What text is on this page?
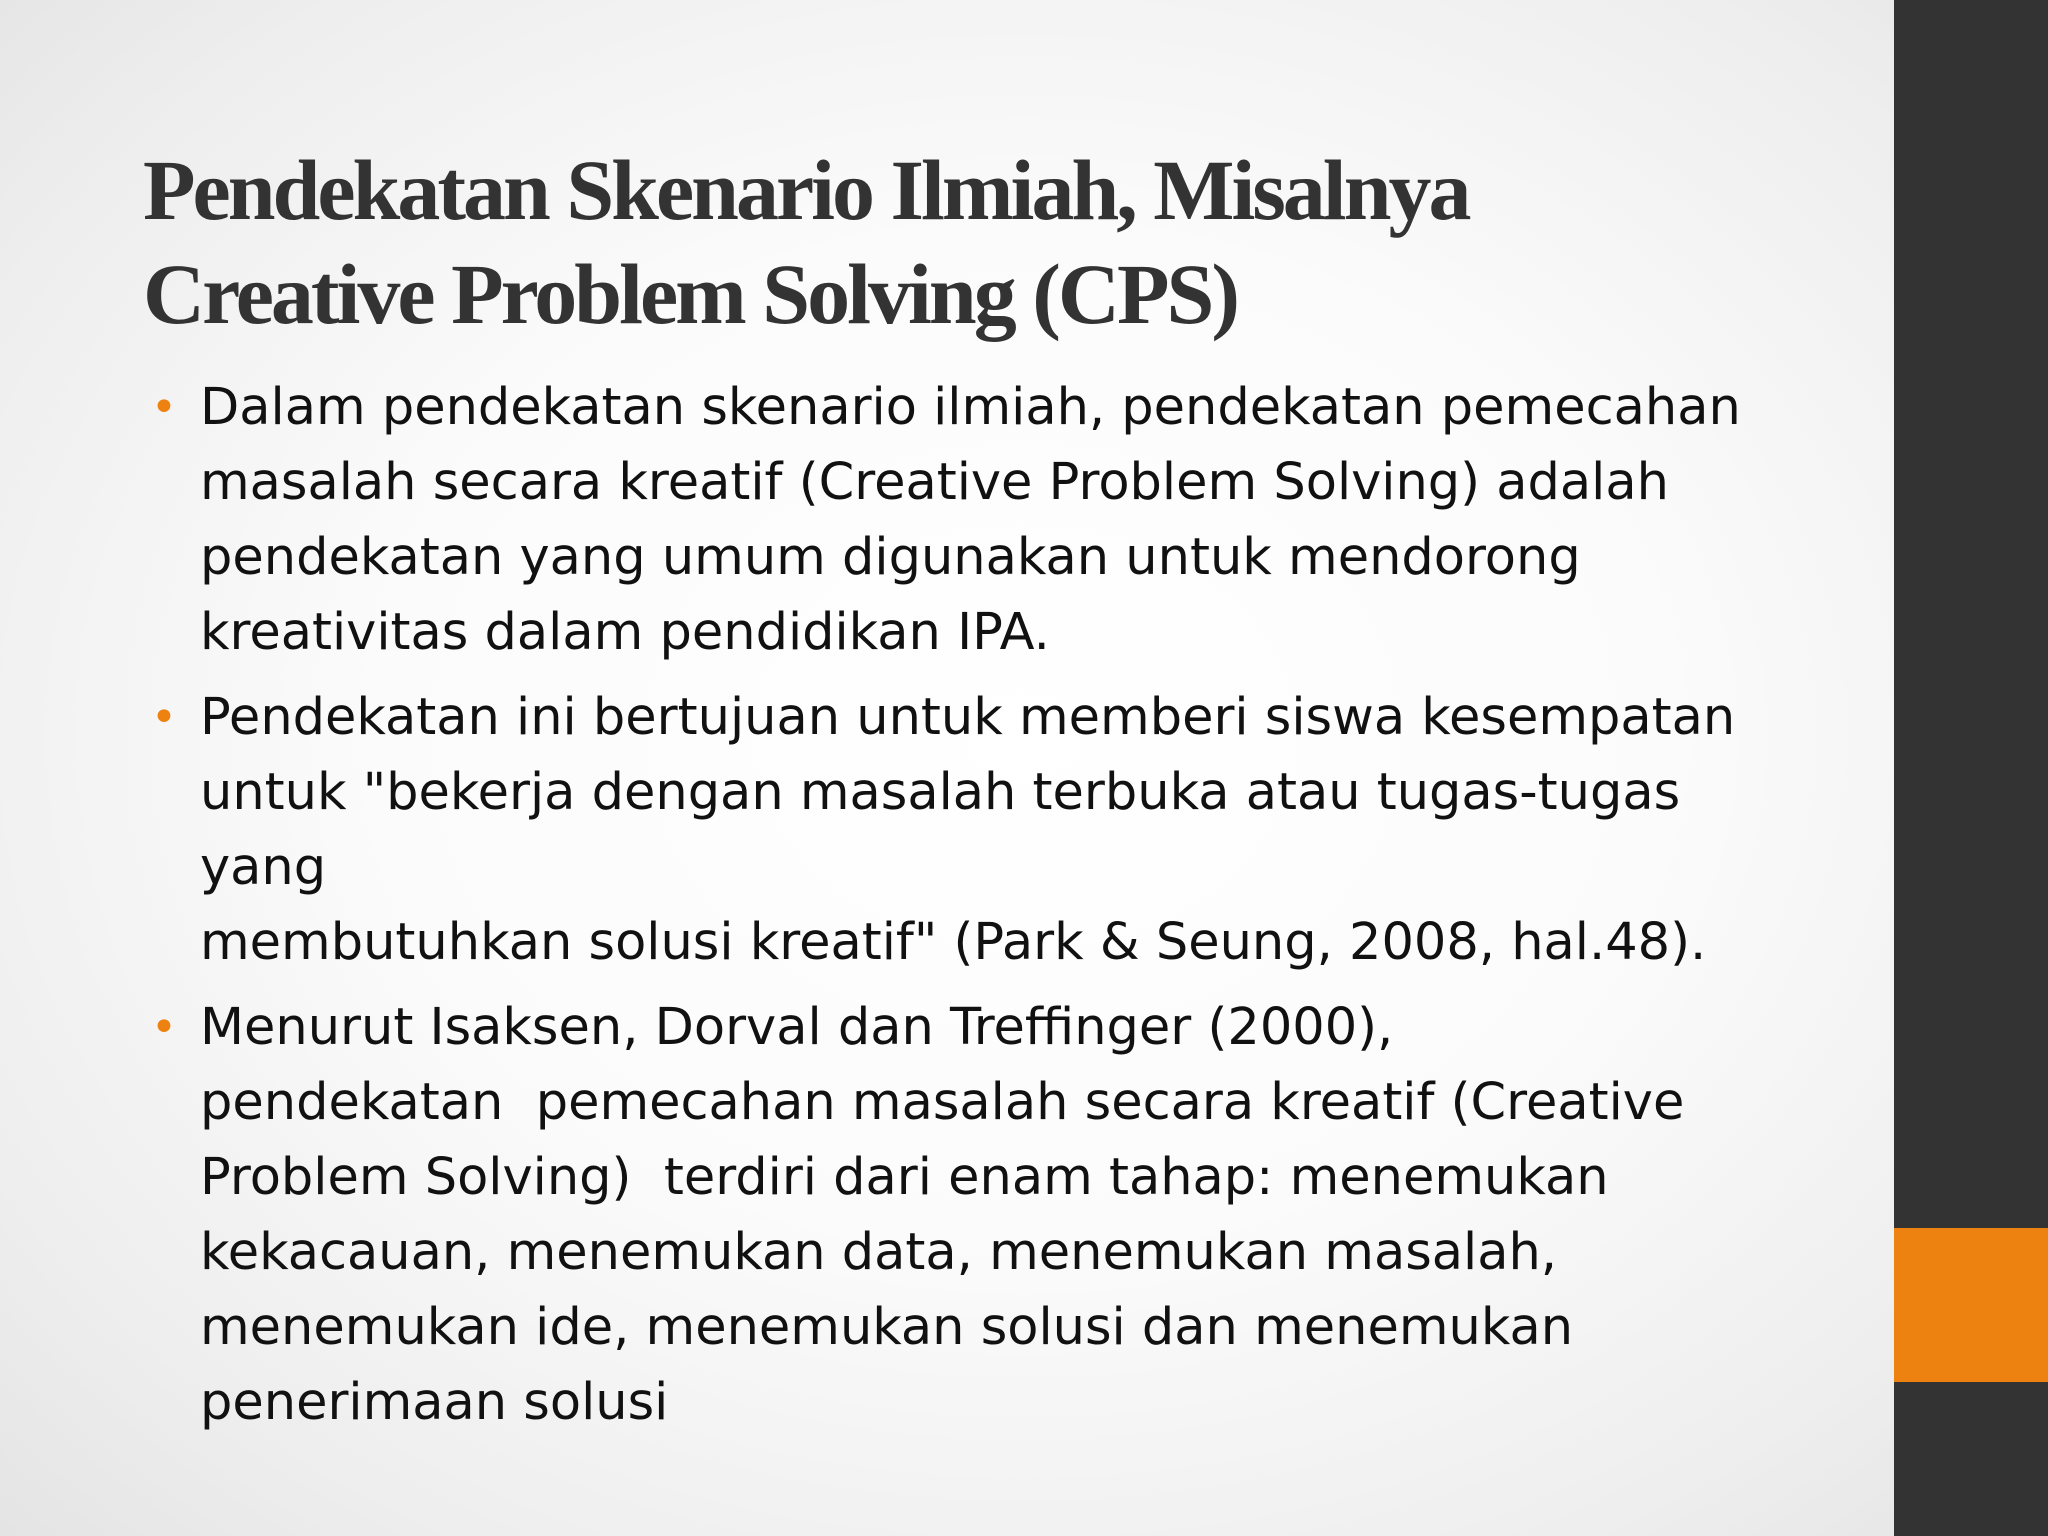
Pendekatan Skenario Ilmiah, Misalnya
Creative Problem Solving (CPS)
• Dalam pendekatan skenario ilmiah, pendekatan pemecahan
masalah secara kreatif (Creative Problem Solving) adalah
pendekatan yang umum digunakan untuk mendorong
kreativitas dalam pendidikan IPA.
• Pendekatan ini bertujuan untuk memberi siswa kesempatan
untuk "bekerja dengan masalah terbuka atau tugas-tugas yang
membutuhkan solusi kreatif" (Park & Seung, 2008, hal.48).
• Menurut Isaksen, Dorval dan Treffinger (2000),
pendekatan  pemecahan masalah secara kreatif (Creative
Problem Solving)  terdiri dari enam tahap: menemukan
kekacauan, menemukan data, menemukan masalah,
menemukan ide, menemukan solusi dan menemukan
penerimaan solusi
